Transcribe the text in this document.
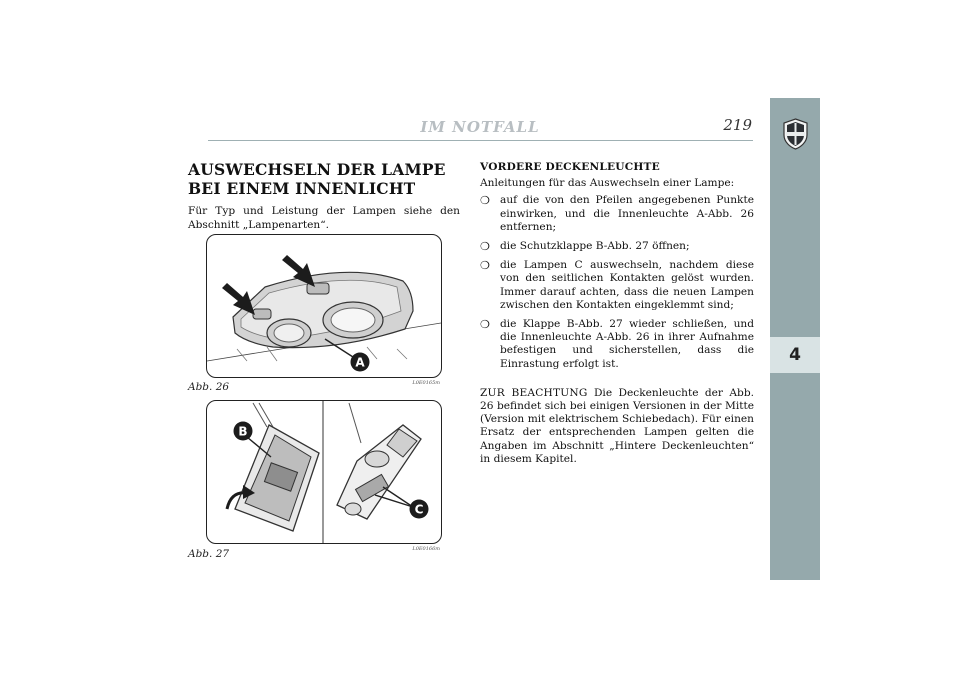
IM NOTFALL	219
4
AUSWECHSELN DER LAMPE
BEI EINEM INNENLICHT
Für Typ und Leistung der Lampen siehe den Abschnitt „Lampenarten“.
A
Abb. 26	L0E0165m
B
C
Abb. 27	L0E0166m
VORDERE DECKENLEUCHTE

Anleitungen für das Auswechseln einer Lampe:

❍ auf die von den Pfeilen angegebenen Punkte einwirken, und die Innenleuchte A-Abb. 26 entfernen;
❍ die Schutzklappe B-Abb. 27 öffnen;
❍ die Lampen C auswechseln, nachdem diese von den seitlichen Kontakten gelöst wurden. Immer darauf achten, dass die neuen Lampen zwischen den Kontakten eingeklemmt sind;
❍ die Klappe B-Abb. 27 wieder schließen, und die Innenleuchte A-Abb. 26 in ihrer Aufnahme befestigen und sicherstellen, dass die Einrastung erfolgt ist.

ZUR BEACHTUNG Die Deckenleuchte der Abb. 26 befindet sich bei einigen Versionen in der Mitte (Version mit elektrischem Schiebedach). Für einen Ersatz der entsprechenden Lampen gelten die Angaben im Abschnitt „Hintere Deckenleuchten“ in diesem Kapitel.
